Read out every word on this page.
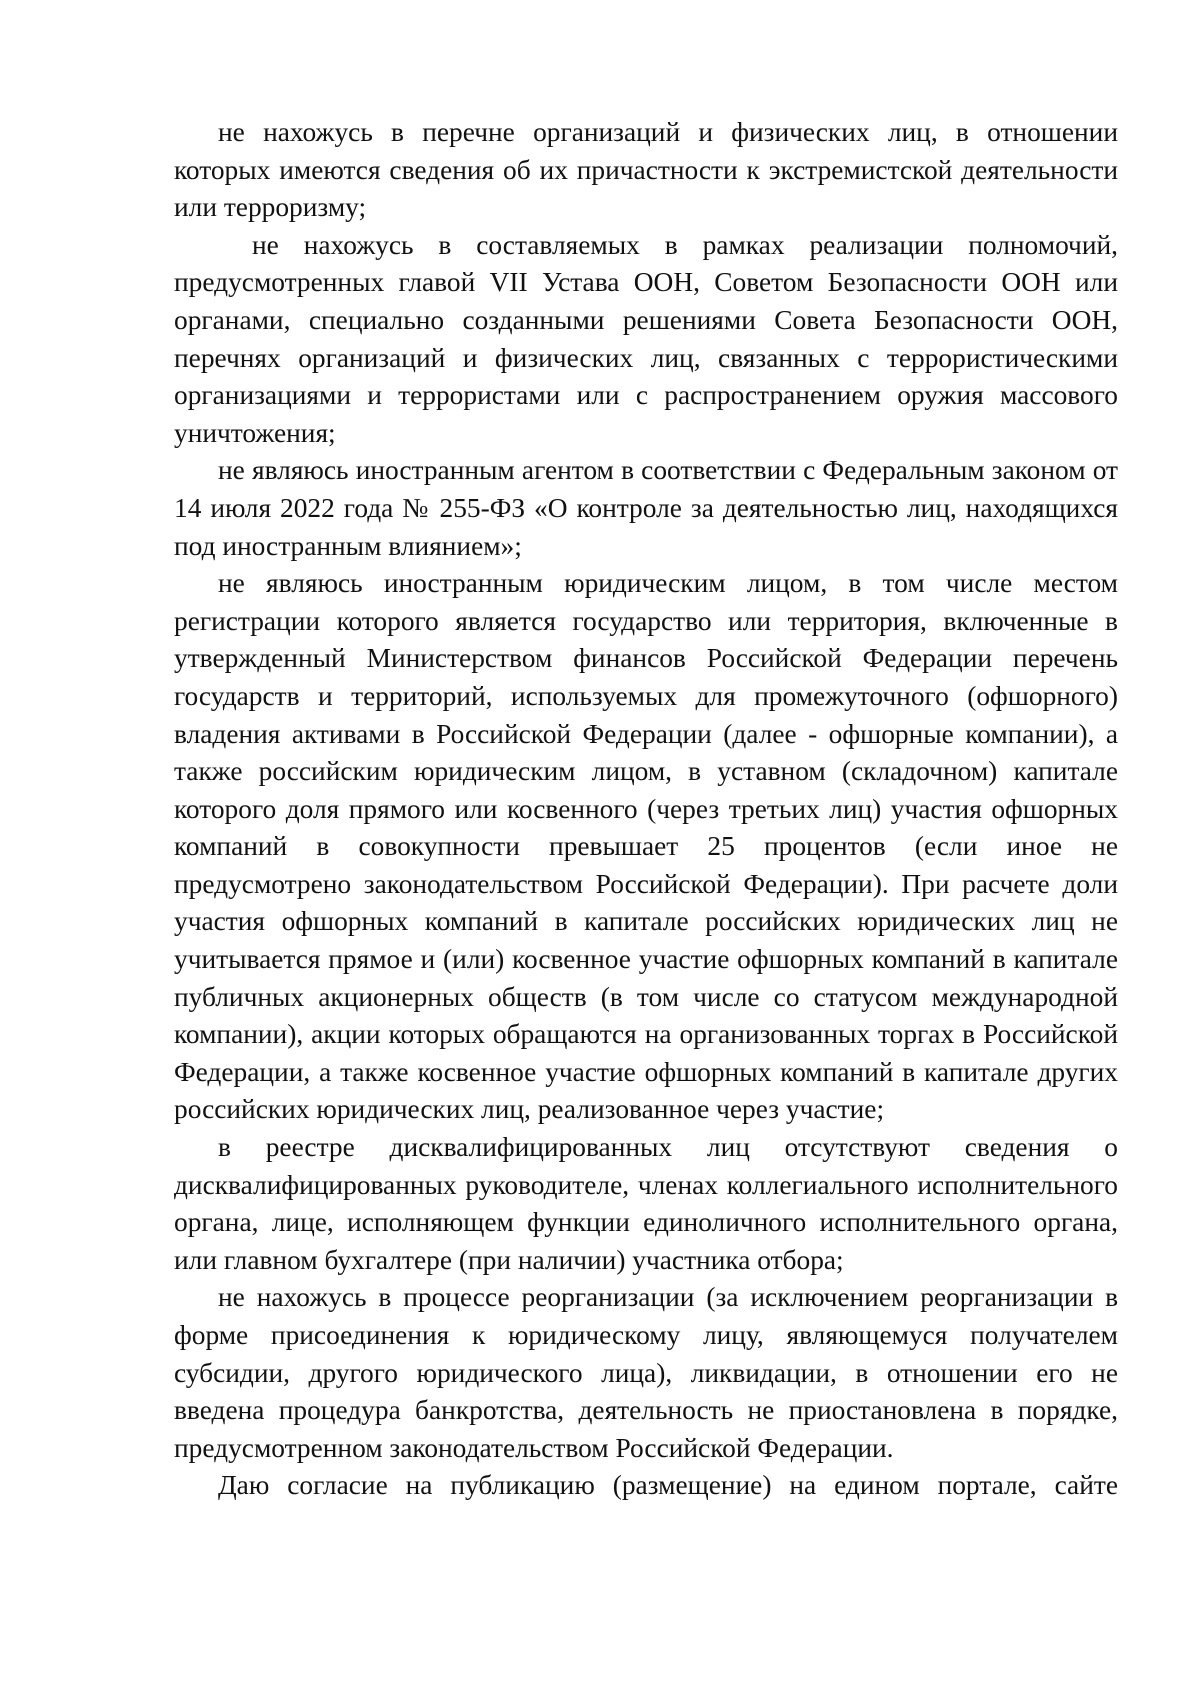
не нахожусь в перечне организаций и физических лиц, в отношении которых имеются сведения об их причастности к экстремистской деятельности или терроризму;

не нахожусь в составляемых в рамках реализации полномочий, предусмотренных главой VII Устава ООН, Советом Безопасности ООН или органами, специально созданными решениями Совета Безопасности ООН, перечнях организаций и физических лиц, связанных с террористическими организациями и террористами или с распространением оружия массового уничтожения;

не являюсь иностранным агентом в соответствии с Федеральным законом от 14 июля 2022 года № 255-ФЗ «О контроле за деятельностью лиц, находящихся под иностранным влиянием»;

не являюсь иностранным юридическим лицом, в том числе местом регистрации которого является государство или территория, включенные в утвержденный Министерством финансов Российской Федерации перечень государств и территорий, используемых для промежуточного (офшорного) владения активами в Российской Федерации (далее - офшорные компании), а также российским юридическим лицом, в уставном (складочном) капитале которого доля прямого или косвенного (через третьих лиц) участия офшорных компаний в совокупности превышает 25 процентов (если иное не предусмотрено законодательством Российской Федерации). При расчете доли участия офшорных компаний в капитале российских юридических лиц не учитывается прямое и (или) косвенное участие офшорных компаний в капитале публичных акционерных обществ (в том числе со статусом международной компании), акции которых обращаются на организованных торгах в Российской Федерации, а также косвенное участие офшорных компаний в капитале других российских юридических лиц, реализованное через участие;

в реестре дисквалифицированных лиц отсутствуют сведения о дисквалифицированных руководителе, членах коллегиального исполнительного органа, лице, исполняющем функции единоличного исполнительного органа, или главном бухгалтере (при наличии) участника отбора;

не нахожусь в процессе реорганизации (за исключением реорганизации в форме присоединения к юридическому лицу, являющемуся получателем субсидии, другого юридического лица), ликвидации, в отношении его не введена процедура банкротства, деятельность не приостановлена в порядке, предусмотренном законодательством Российской Федерации.

Даю согласие на публикацию (размещение) на едином портале, сайте
